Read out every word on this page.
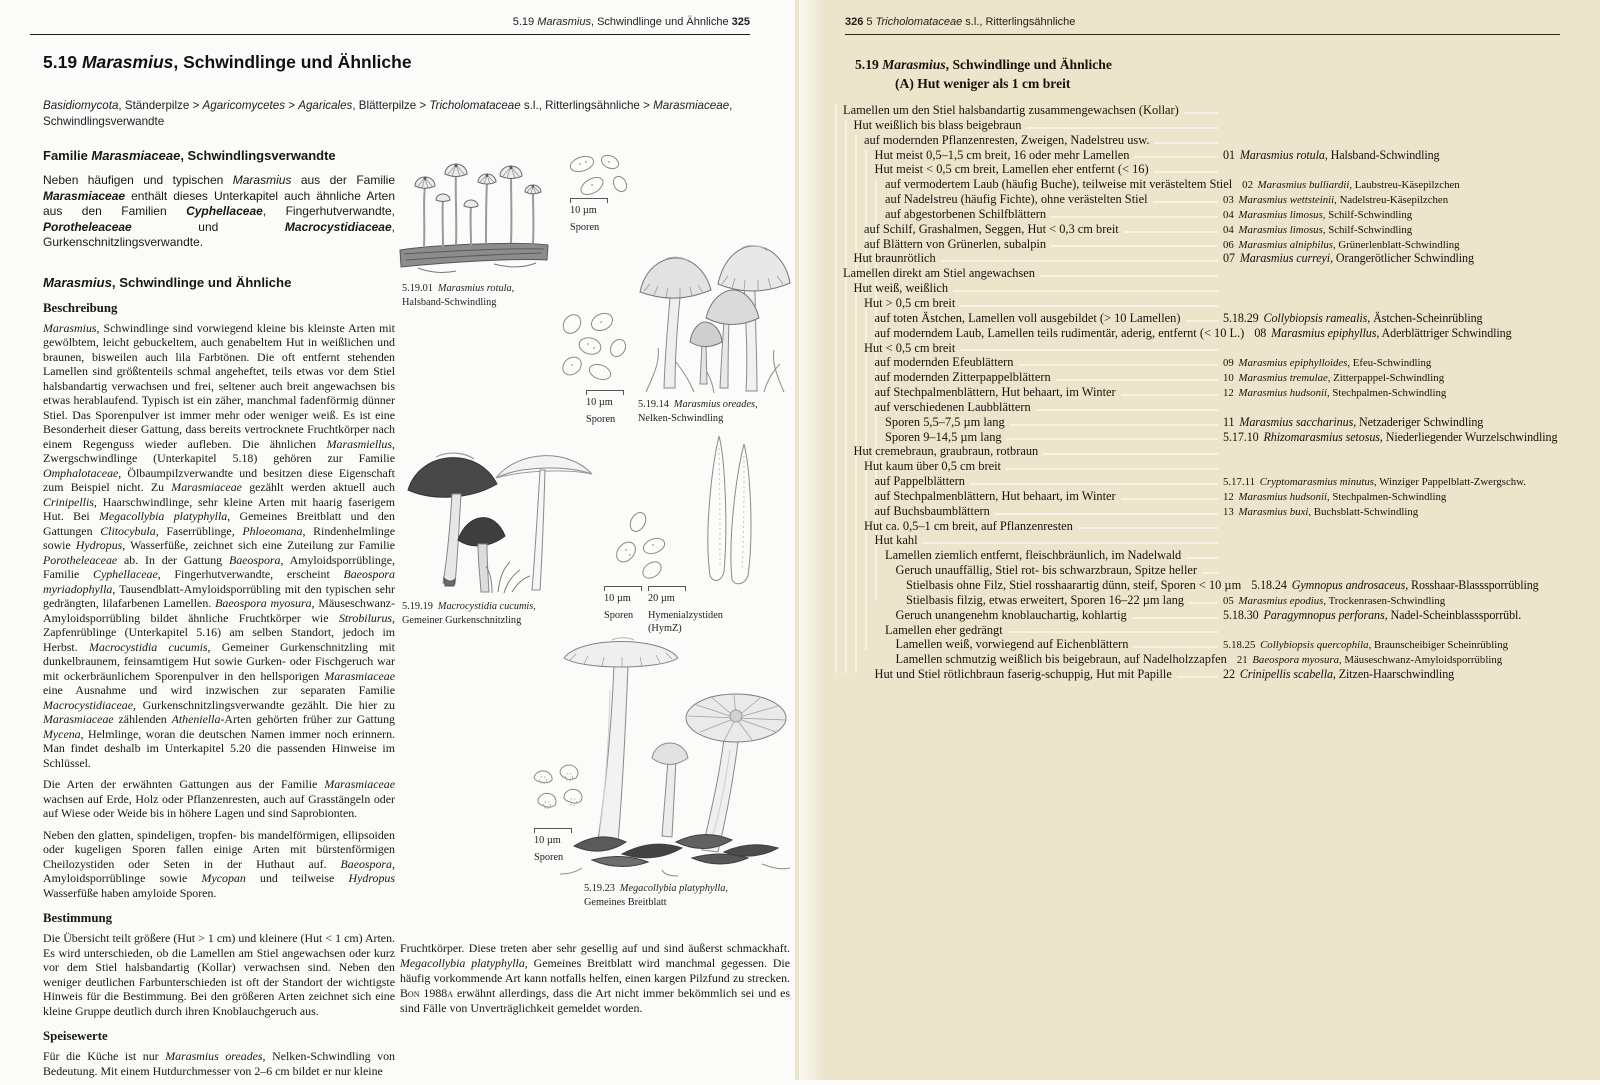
5.19 Marasmius, Schwindlinge und Ähnliche 325
5.19 Marasmius, Schwindlinge und Ähnliche
Basidiomycota, Ständerpilze > Agaricomycetes > Agaricales, Blätterpilze > Tricholomataceae s.l., Ritterlingsähnliche > Marasmiaceae, Schwindlingsverwandte
Familie Marasmiaceae, Schwindlingsverwandte
Neben häufigen und typischen Marasmius aus der Familie Marasmiaceae enthält dieses Unterkapitel auch ähnliche Arten aus den Familien Cyphellaceae, Fingerhutverwandte, Porotheleaceae und Macrocystidiaceae, Gurkenschnitzlingsverwandte.
Marasmius, Schwindlinge und Ähnliche
Beschreibung
Marasmius, Schwindlinge sind vorwiegend kleine bis kleinste Arten mit gewölbtem, leicht gebuckeltem, auch genabeltem Hut in weißlichen und braunen, bisweilen auch lila Farbtönen. Die oft entfernt stehenden Lamellen sind größtenteils schmal angeheftet, teils etwas vor dem Stiel halsbandartig verwachsen und frei, seltener auch breit angewachsen bis etwas herablaufend. Typisch ist ein zäher, manchmal fadenförmig dünner Stiel. Das Sporenpulver ist immer mehr oder weniger weiß. Es ist eine Besonderheit dieser Gattung, dass bereits vertrocknete Fruchtkörper nach einem Regenguss wieder aufleben. Die ähnlichen Marasmiellus, Zwergschwindlinge (Unterkapitel 5.18) gehören zur Familie Omphalotaceae, Ölbaumpilzverwandte und besitzen diese Eigenschaft zum Beispiel nicht. Zu Marasmiaceae gezählt werden aktuell auch Crinipellis, Haarschwindlinge, sehr kleine Arten mit haarig faserigem Hut. Bei Megacollybia platyphylla, Gemeines Breitblatt und den Gattungen Clitocybula, Faserrüblinge, Phloeomana, Rindenhelmlinge sowie Hydropus, Wasserfüße, zeichnet sich eine Zuteilung zur Familie Porotheleaceae ab. In der Gattung Baeospora, Amyloidsporrüblinge, Familie Cyphellaceae, Fingerhutverwandte, erscheint Baeospora myriadophylla, Tausendblatt-Amyloidsporrübling mit den typischen sehr gedrängten, lilafarbenen Lamellen. Baeospora myosura, Mäuseschwanz-Amyloidsporrübling bildet ähnliche Fruchtkörper wie Strobilurus, Zapfenrüblinge (Unterkapitel 5.16) am selben Standort, jedoch im Herbst. Macrocystidia cucumis, Gemeiner Gurkenschnitzling mit dunkelbraunem, feinsamtigem Hut sowie Gurken- oder Fischgeruch war mit ockerbräunlichem Sporenpulver in den hellsporigen Marasmiaceae eine Ausnahme und wird inzwischen zur separaten Familie Macrocystidiaceae, Gurkenschnitzlingsverwandte gezählt. Die hier zu Marasmiaceae zählenden Atheniella-Arten gehörten früher zur Gattung Mycena, Helmlinge, woran die deutschen Namen immer noch erinnern. Man findet deshalb im Unterkapitel 5.20 die passenden Hinweise im Schlüssel.
Die Arten der erwähnten Gattungen aus der Familie Marasmiaceae wachsen auf Erde, Holz oder Pflanzenresten, auch auf Grasstängeln oder auf Wiese oder Weide bis in höhere Lagen und sind Saprobionten.
Neben den glatten, spindeligen, tropfen- bis mandelförmigen, ellipsoiden oder kugeligen Sporen fallen einige Arten mit bürstenförmigen Cheilozystiden oder Seten in der Huthaut auf. Baeospora, Amyloidsporrüblinge sowie Mycopan und teilweise Hydropus Wasserfüße haben amyloide Sporen.
Bestimmung
Die Übersicht teilt größere (Hut > 1 cm) und kleinere (Hut < 1 cm) Arten. Es wird unterschieden, ob die Lamellen am Stiel angewachsen oder kurz vor dem Stiel halsbandartig (Kollar) verwachsen sind. Neben den weniger deutlichen Farbunterschieden ist oft der Standort der wichtigste Hinweis für die Bestimmung. Bei den größeren Arten zeichnet sich eine kleine Gruppe deutlich durch ihren Knoblauchgeruch aus.
Speisewerte
Für die Küche ist nur Marasmius oreades, Nelken-Schwindling von Bedeutung. Mit einem Hutdurchmesser von 2–6 cm bildet er nur kleine
5.19.01 Marasmius rotula,
Halsband-Schwindling
10 µm
Sporen
5.19.14 Marasmius oreades,
Nelken-Schwindling
10 µm
Sporen
5.19.19 Macrocystidia cucumis,
Gemeiner Gurkenschnitzling
10 µm
Sporen
20 µm
Hymenialzystiden
(HymZ)
5.19.23 Megacollybia platyphylla,
Gemeines Breitblatt
10 µm
Sporen
Fruchtkörper. Diese treten aber sehr gesellig auf und sind äußerst schmackhaft. Megacollybia platyphylla, Gemeines Breitblatt wird manchmal gegessen. Die häufig vorkommende Art kann notfalls helfen, einen kargen Pilzfund zu strecken. Bon 1988a erwähnt allerdings, dass die Art nicht immer bekömmlich sei und es sind Fälle von Unverträglichkeit gemeldet worden.
326 5 Tricholomataceae s.l., Ritterlingsähnliche
5.19 Marasmius, Schwindlinge und Ähnliche
(A) Hut weniger als 1 cm breit
Lamellen um den Stiel halsbandartig zusammengewachsen (Kollar)
Hut weißlich bis blass beigebraun
auf modernden Pflanzenresten, Zweigen, Nadelstreu usw.
Hut meist 0,5–1,5 cm breit, 16 oder mehr Lamellen	01 Marasmius rotula, Halsband-Schwindling
Hut meist < 0,5 cm breit, Lamellen eher entfernt (< 16)
auf vermodertem Laub (häufig Buche), teilweise mit verästeltem Stiel 02 Marasmius bulliardii, Laubstreu-Käsepilzchen
auf Nadelstreu (häufig Fichte), ohne verästelten Stiel	03 Marasmius wettsteinii, Nadelstreu-Käsepilzchen
auf abgestorbenen Schilfblättern	04 Marasmius limosus, Schilf-Schwindling
auf Schilf, Grashalmen, Seggen, Hut < 0,3 cm breit	04 Marasmius limosus, Schilf-Schwindling
auf Blättern von Grünerlen, subalpin	06 Marasmius alniphilus, Grünerlenblatt-Schwindling
Hut braunrötlich	07 Marasmius curreyi, Orangerötlicher Schwindling
Lamellen direkt am Stiel angewachsen
Hut weiß, weißlich
Hut > 0,5 cm breit
auf toten Ästchen, Lamellen voll ausgebildet (> 10 Lamellen)	5.18.29 Collybiopsis ramealis, Ästchen-Scheinrübling
auf moderndem Laub, Lamellen teils rudimentär, aderig, entfernt (< 10 L.) 08 Marasmius epiphyllus, Aderblättriger Schwindling
Hut < 0,5 cm breit
auf modernden Efeublättern	09 Marasmius epiphylloides, Efeu-Schwindling
auf modernden Zitterpappelblättern	10 Marasmius tremulae, Zitterpappel-Schwindling
auf Stechpalmenblättern, Hut behaart, im Winter	12 Marasmius hudsonii, Stechpalmen-Schwindling
auf verschiedenen Laubblättern
Sporen 5,5–7,5 µm lang	11 Marasmius saccharinus, Netzaderiger Schwindling
Sporen 9–14,5 µm lang	5.17.10 Rhizomarasmius setosus, Niederliegender Wurzelschwindling
Hut cremebraun, graubraun, rotbraun
Hut kaum über 0,5 cm breit
auf Pappelblättern	5.17.11 Cryptomarasmius minutus, Winziger Pappelblatt-Zwergschw.
auf Stechpalmenblättern, Hut behaart, im Winter	12 Marasmius hudsonii, Stechpalmen-Schwindling
auf Buchsbaumblättern	13 Marasmius buxi, Buchsblatt-Schwindling
Hut ca. 0,5–1 cm breit, auf Pflanzenresten
Hut kahl
Lamellen ziemlich entfernt, fleischbräunlich, im Nadelwald
Geruch unauffällig, Stiel rot- bis schwarzbraun, Spitze heller
Stielbasis ohne Filz, Stiel rosshaarartig dünn, steif, Sporen < 10 µm 5.18.24 Gymnopus androsaceus, Rosshaar-Blasssporrübling
Stielbasis filzig, etwas erweitert, Sporen 16–22 µm lang	05 Marasmius epodius, Trockenrasen-Schwindling
Geruch unangenehm knoblauchartig, kohlartig	5.18.30 Paragymnopus perforans, Nadel-Scheinblasssporrübl.
Lamellen eher gedrängt
Lamellen weiß, vorwiegend auf Eichenblättern	5.18.25 Collybiopsis quercophila, Braunscheibiger Scheinrübling
Lamellen schmutzig weißlich bis beigebraun, auf Nadelholzzapfen 21 Baeospora myosura, Mäuseschwanz-Amyloidsporrübling
Hut und Stiel rötlichbraun faserig-schuppig, Hut mit Papille	22 Crinipellis scabella, Zitzen-Haarschwindling
